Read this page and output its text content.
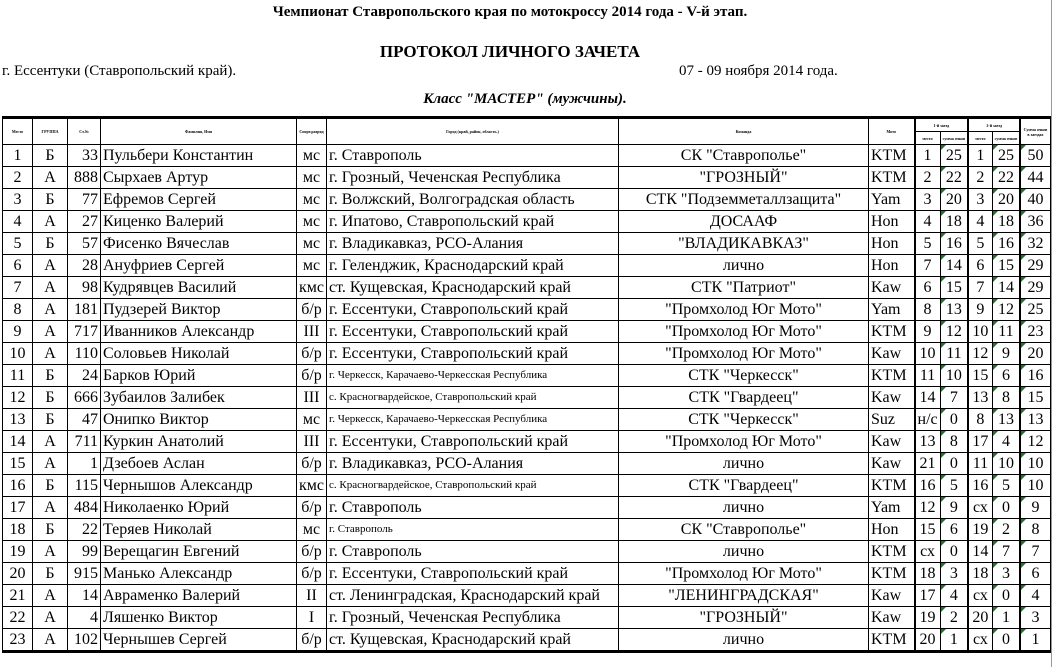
Чемпионат Ставропольского края по мотокроссу 2014 года - V-й этап.
ПРОТОКОЛ ЛИЧНОГО ЗАЧЕТА
г. Ессентуки (Ставропольский край).	07 - 09 ноября 2014 года.
Класс "МАСТЕР" (мужчины).
Место	ГРУППА	Ст.№	Фамилия, Имя	Спорт.разряд	Город (край, район, область.)	Команда	Мото	1-й заезд		2-й заезд		Сумма очков в заездах
								место	сумма очков	место	сумма очков	
1	Б	33	Пульбери Константин	мс	г. Ставрополь	СК "Ставрополье"	KTM	1	25	1	25	50
2	А	888	Сырхаев Артур	мс	г. Грозный, Чеченская Республика	"ГРОЗНЫЙ"	KTM	2	22	2	22	44
3	Б	77	Ефремов Сергей	мс	г. Волжский, Волгоградская область	СТК "Подземметаллзащита"	Yam	3	20	3	20	40
4	А	27	Киценко Валерий	мс	г. Ипатово, Ставропольский край	ДОСААФ	Hon	4	18	4	18	36
5	Б	57	Фисенко Вячеслав	мс	г. Владикавказ, РСО-Алания	"ВЛАДИКАВКАЗ"	Hon	5	16	5	16	32
6	А	28	Ануфриев Сергей	мс	г. Геленджик, Краснодарский край	лично	Hon	7	14	6	15	29
7	А	98	Кудрявцев Василий	кмс	ст. Кущевская, Краснодарский край	СТК "Патриот"	Kaw	6	15	7	14	29
8	А	181	Пудзерей Виктор	б/р	г. Ессентуки, Ставропольский край	"Промхолод Юг Мото"	Yam	8	13	9	12	25
9	А	717	Иванников Александр	III	г. Ессентуки, Ставропольский край	"Промхолод Юг Мото"	KTM	9	12	10	11	23
10	А	110	Соловьев Николай	б/р	г. Ессентуки, Ставропольский край	"Промхолод Юг Мото"	Kaw	10	11	12	9	20
11	Б	24	Барков Юрий	б/р	г. Черкесск, Карачаево-Черкесская Республика	СТК "Черкесск"	KTM	11	10	15	6	16
12	Б	666	Зубаилов Залибек	III	с. Красногвардейское, Ставропольский край	СТК "Гвардеец"	Kaw	14	7	13	8	15
13	Б	47	Онипко Виктор	мс	г. Черкесск, Карачаево-Черкесская Республика	СТК "Черкесск"	Suz	н/с	0	8	13	13
14	А	711	Куркин Анатолий	III	г. Ессентуки, Ставропольский край	"Промхолод Юг Мото"	Kaw	13	8	17	4	12
15	А	1	Дзебоев Аслан	б/р	г. Владикавказ, РСО-Алания	лично	Kaw	21	0	11	10	10
16	Б	115	Чернышов Александр	кмс	с. Красногвардейское, Ставропольский край	СТК "Гвардеец"	KTM	16	5	16	5	10
17	А	484	Николаенко Юрий	б/р	г. Ставрополь	лично	Yam	12	9	сх	0	9
18	Б	22	Теряев Николай	мс	г. Ставрополь	СК "Ставрополье"	Hon	15	6	19	2	8
19	А	99	Верещагин Евгений	б/р	г. Ставрополь	лично	KTM	сх	0	14	7	7
20	Б	915	Манько Александр	б/р	г. Ессентуки, Ставропольский край	"Промхолод Юг Мото"	KTM	18	3	18	3	6
21	А	14	Авраменко Валерий	II	ст. Ленинградская, Краснодарский край	"ЛЕНИНГРАДСКАЯ"	Kaw	17	4	сх	0	4
22	А	4	Ляшенко Виктор	I	г. Грозный, Чеченская Республика	"ГРОЗНЫЙ"	Kaw	19	2	20	1	3
23	А	102	Чернышев Сергей	б/р	ст. Кущевская, Краснодарский край	лично	KTM	20	1	сх	0	1
